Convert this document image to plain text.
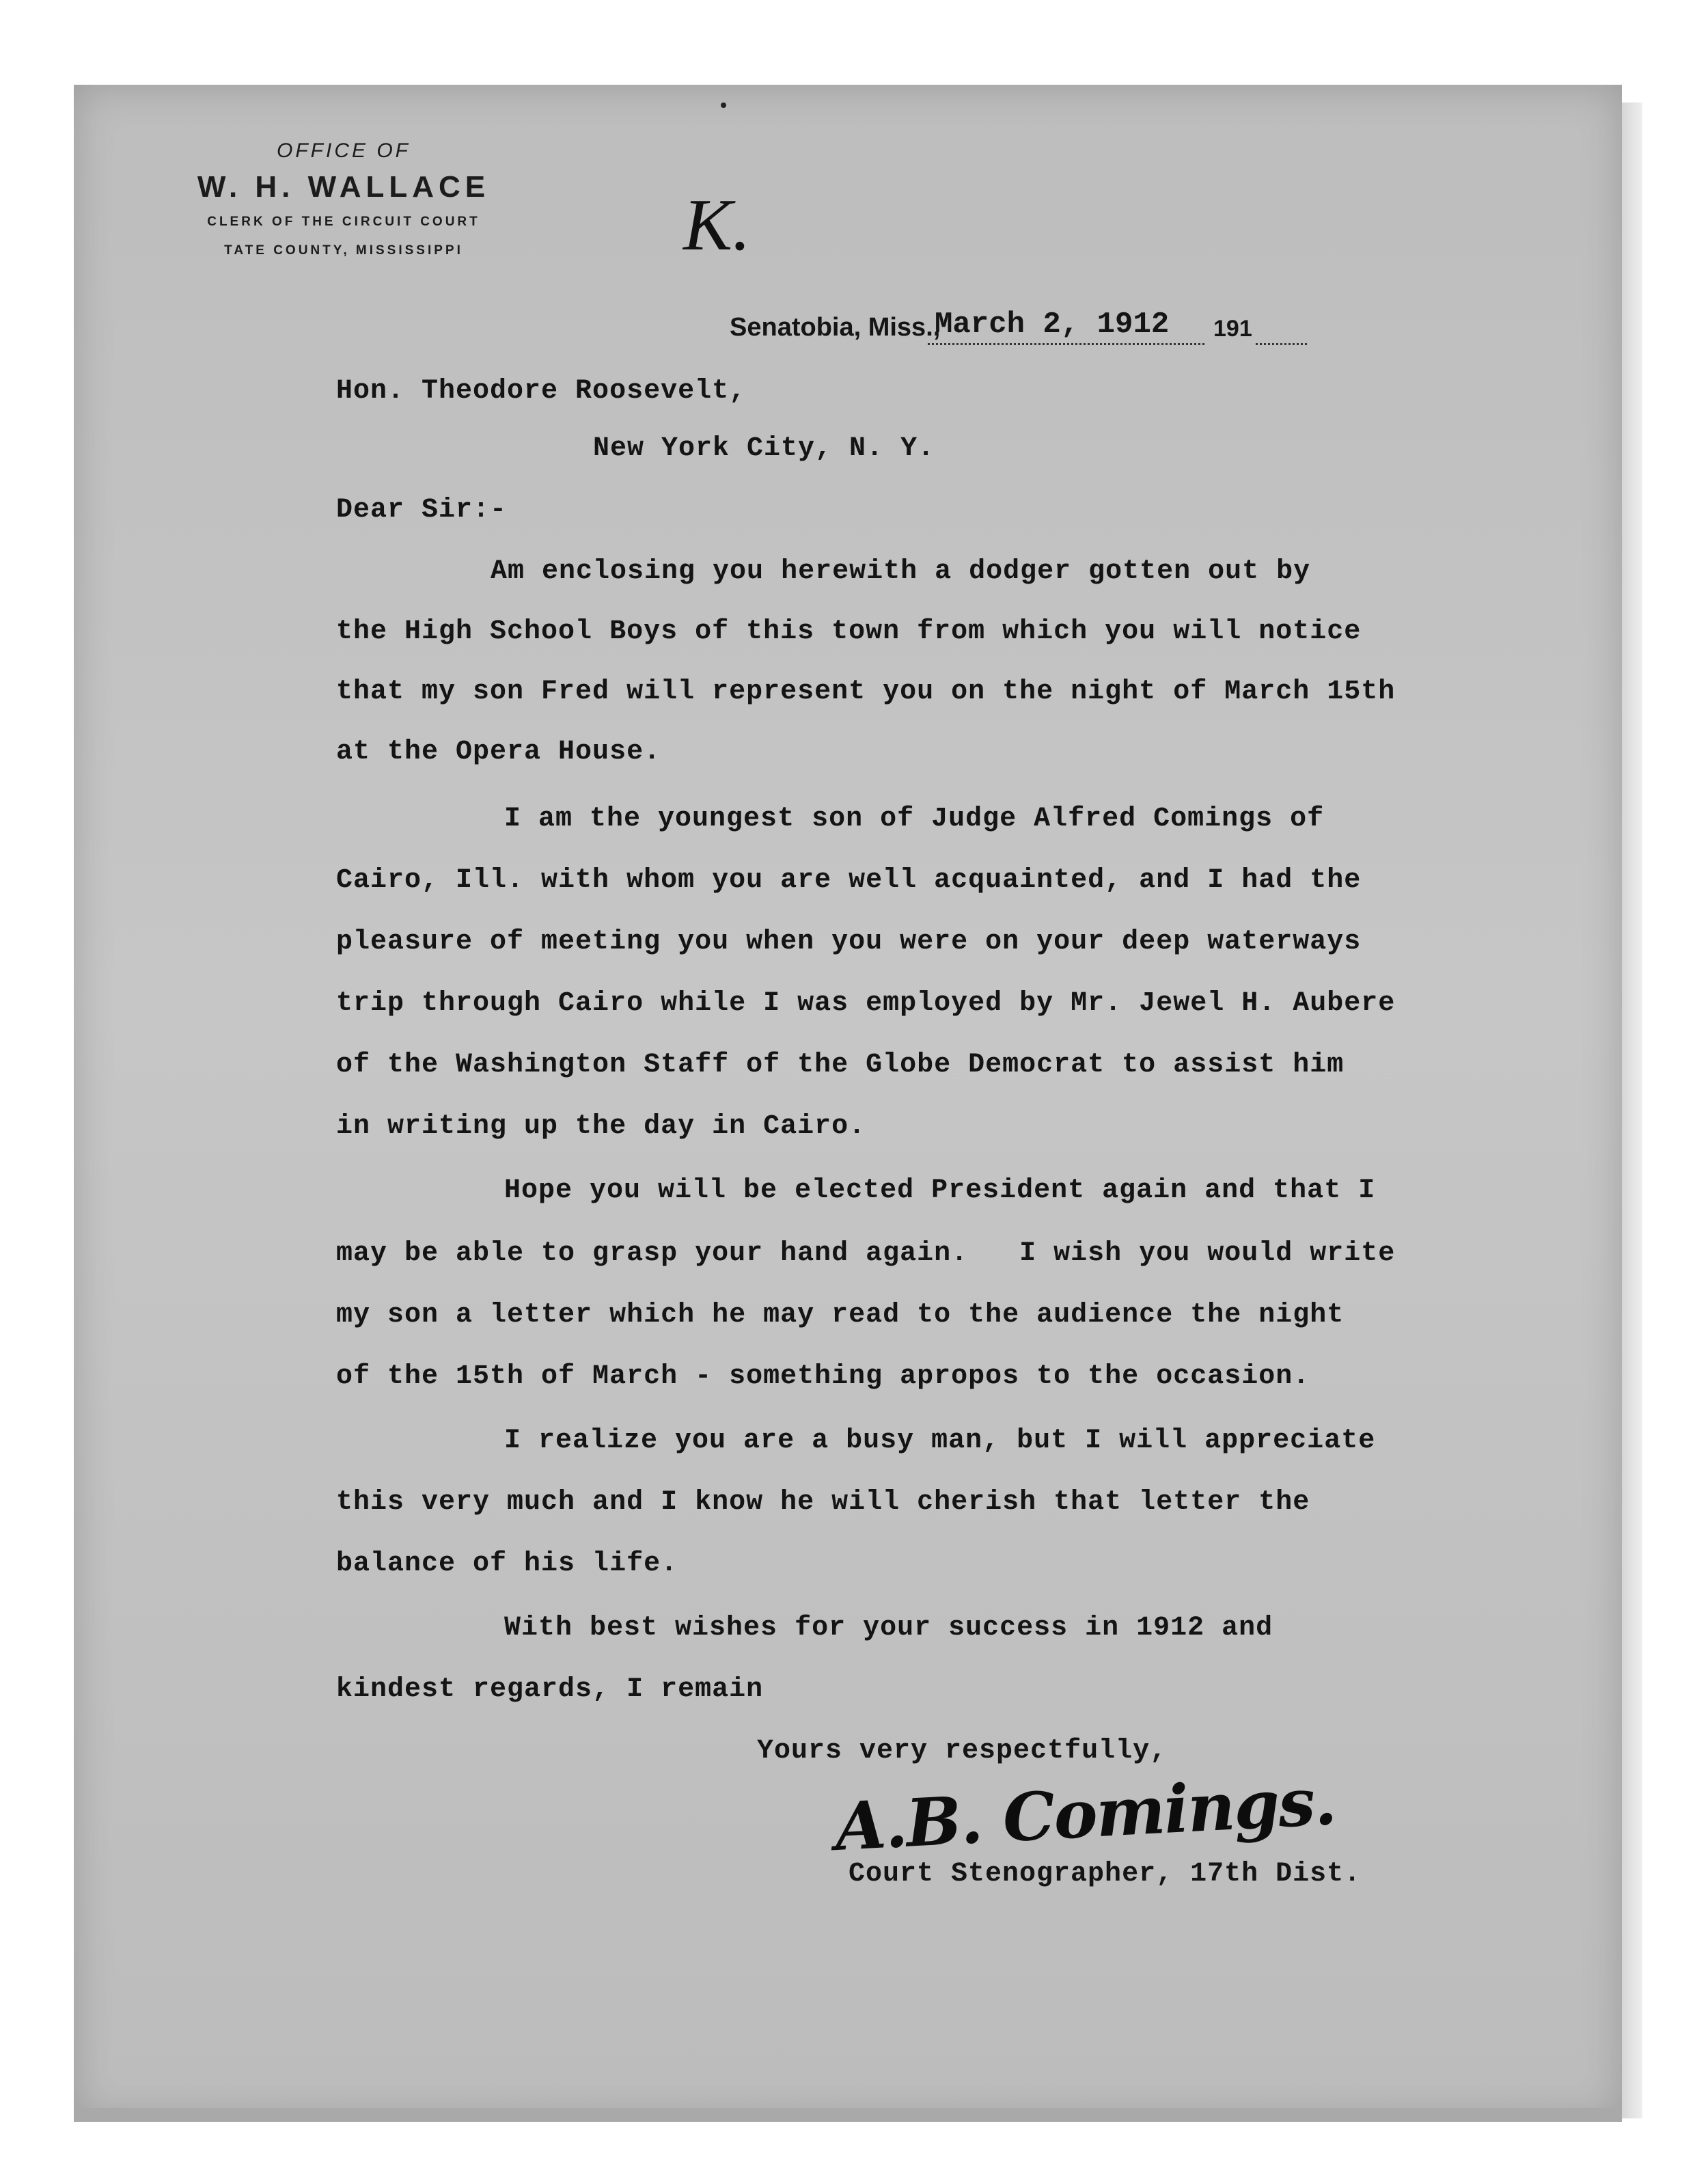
OFFICE OF
W. H. WALLACE
CLERK OF THE CIRCUIT COURT
TATE COUNTY, MISSISSIPPI	K.
Senatobia, Miss.,
March 2, 1912 191
Hon. Theodore Roosevelt,
New York City, N. Y.
Dear Sir:-
Am enclosing you herewith a dodger gotten out by
the High School Boys of this town from which you will notice
that my son Fred will represent you on the night of March 15th
at the Opera House.
I am the youngest son of Judge Alfred Comings of
Cairo, Ill. with whom you are well acquainted, and I had the
pleasure of meeting you when you were on your deep waterways
trip through Cairo while I was employed by Mr. Jewel H. Aubere
of the Washington Staff of the Globe Democrat to assist him
in writing up the day in Cairo.
Hope you will be elected President again and that I
may be able to grasp your hand again.   I wish you would write
my son a letter which he may read to the audience the night
of the 15th of March - something apropos to the occasion.
I realize you are a busy man, but I will appreciate
this very much and I know he will cherish that letter the
balance of his life.
With best wishes for your success in 1912 and
kindest regards, I remain
Yours very respectfully,
Court Stenographer, 17th Dist.
A.B. Comings.
